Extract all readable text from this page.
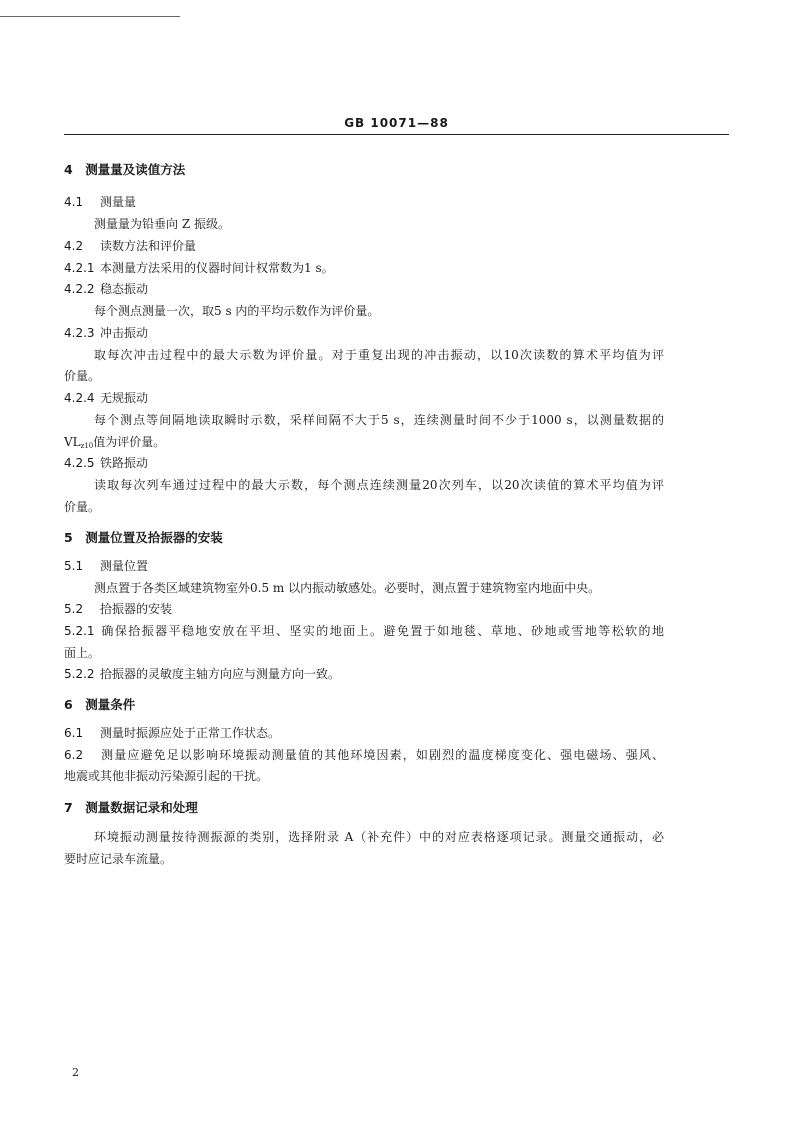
GB 10071—88
4　测量量及读值方法
4.1 测量量
测量量为铅垂向 Z 振级。
4.2 读数方法和评价量
4.2.1 本测量方法采用的仪器时间计权常数为1 s。
4.2.2 稳态振动
每个测点测量一次，取5 s 内的平均示数作为评价量。
4.2.3 冲击振动
取每次冲击过程中的最大示数为评价量。对于重复出现的冲击振动，以10次读数的算术平均值为评
价量。
4.2.4 无规振动
每个测点等间隔地读取瞬时示数，采样间隔不大于5 s，连续测量时间不少于1000 s，以测量数据的
$VL_{z10}$值为评价量。
4.2.5 铁路振动
读取每次列车通过过程中的最大示数，每个测点连续测量20次列车，以20次读值的算术平均值为评
价量。
5　测量位置及拾振器的安装
5.1 测量位置
测点置于各类区域建筑物室外0.5 m 以内振动敏感处。必要时，测点置于建筑物室内地面中央。
5.2 拾振器的安装
5.2.1 确保拾振器平稳地安放在平坦、坚实的地面上。避免置于如地毯、草地、砂地或雪地等松软的地
面上。
5.2.2 拾振器的灵敏度主轴方向应与测量方向一致。
6　测量条件
6.1 测量时振源应处于正常工作状态。
6.2 测量应避免足以影响环境振动测量值的其他环境因素，如剧烈的温度梯度变化、强电磁场、强风、
地震或其他非振动污染源引起的干扰。
7　测量数据记录和处理
环境振动测量按待测振源的类别，选择附录 A（补充件）中的对应表格逐项记录。测量交通振动，必
要时应记录车流量。
2
